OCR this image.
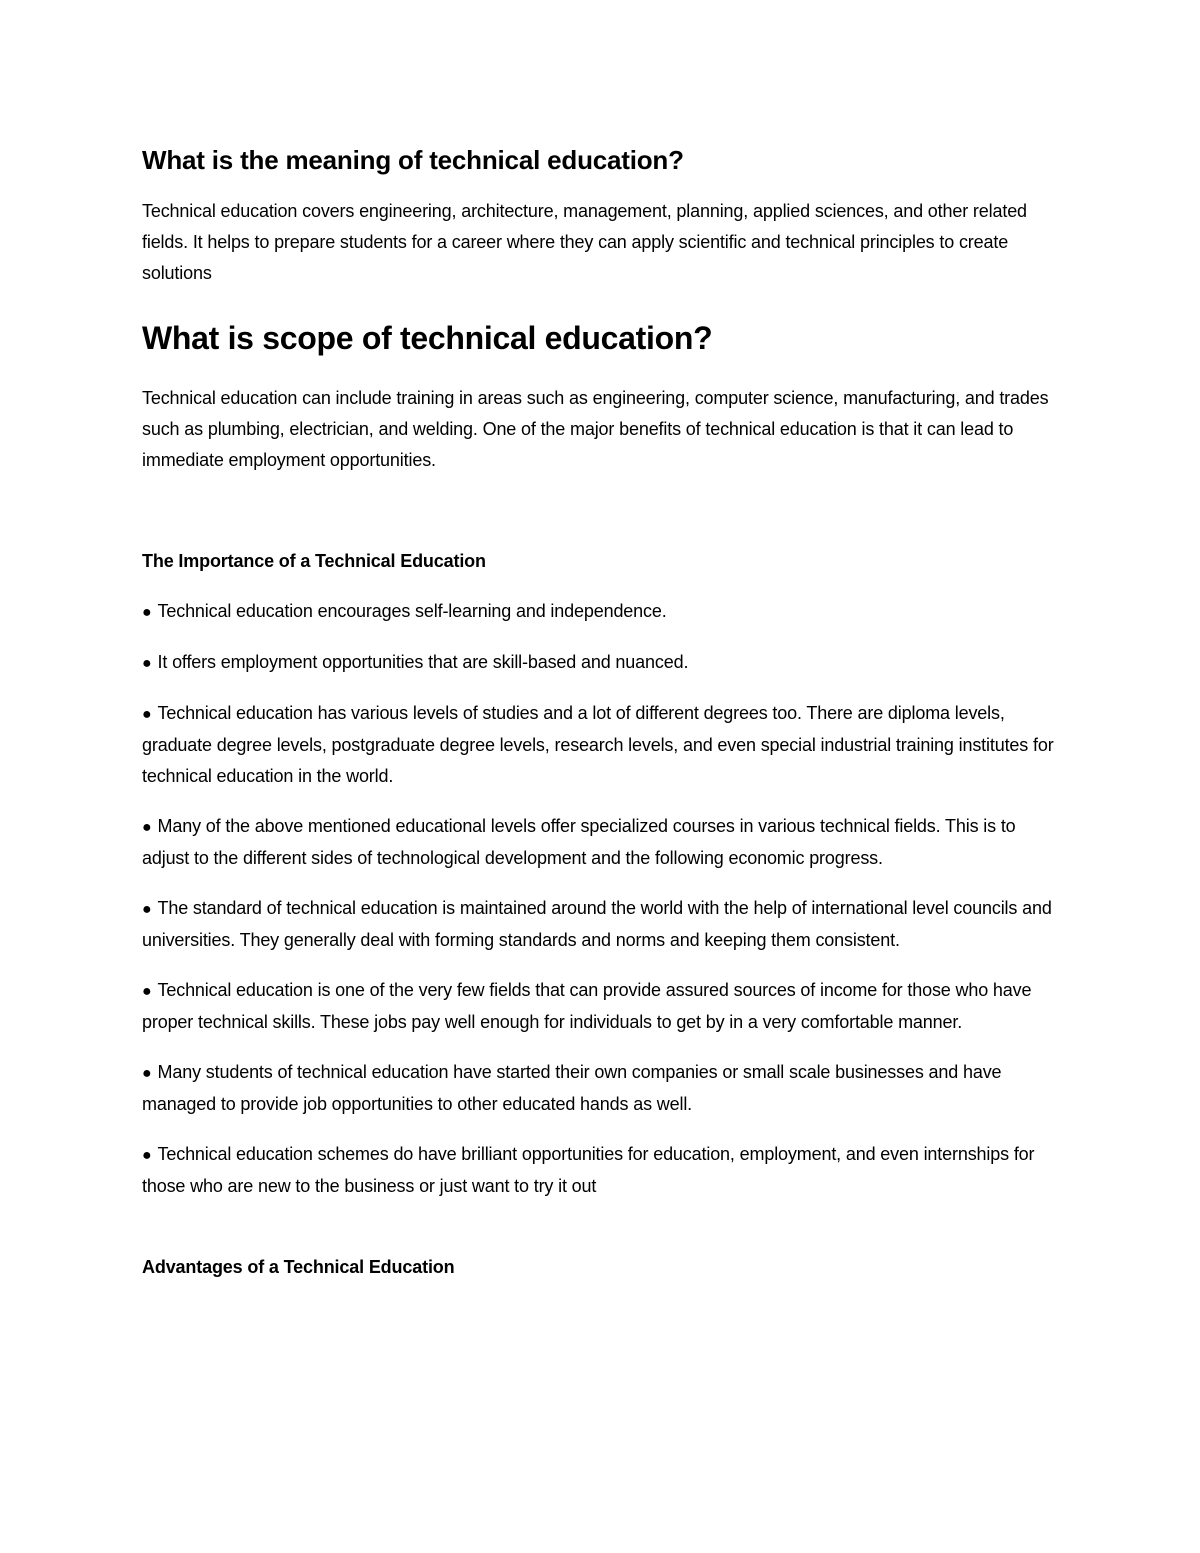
What is the meaning of technical education?

Technical education covers engineering, architecture, management, planning, applied sciences, and other related fields. It helps to prepare students for a career where they can apply scientific and technical principles to create solutions

What is scope of technical education?

Technical education can include training in areas such as engineering, computer science, manufacturing, and trades such as plumbing, electrician, and welding. One of the major benefits of technical education is that it can lead to immediate employment opportunities.

The Importance of a Technical Education
● Technical education encourages self-learning and independence.
● It offers employment opportunities that are skill-based and nuanced.
● Technical education has various levels of studies and a lot of different degrees too. There are diploma levels, graduate degree levels, postgraduate degree levels, research levels, and even special industrial training institutes for technical education in the world.
● Many of the above mentioned educational levels offer specialized courses in various technical fields. This is to adjust to the different sides of technological development and the following economic progress.
● The standard of technical education is maintained around the world with the help of international level councils and universities. They generally deal with forming standards and norms and keeping them consistent.
● Technical education is one of the very few fields that can provide assured sources of income for those who have proper technical skills. These jobs pay well enough for individuals to get by in a very comfortable manner.
● Many students of technical education have started their own companies or small scale businesses and have managed to provide job opportunities to other educated hands as well.
● Technical education schemes do have brilliant opportunities for education, employment, and even internships for those who are new to the business or just want to try it out
Advantages of a Technical Education
